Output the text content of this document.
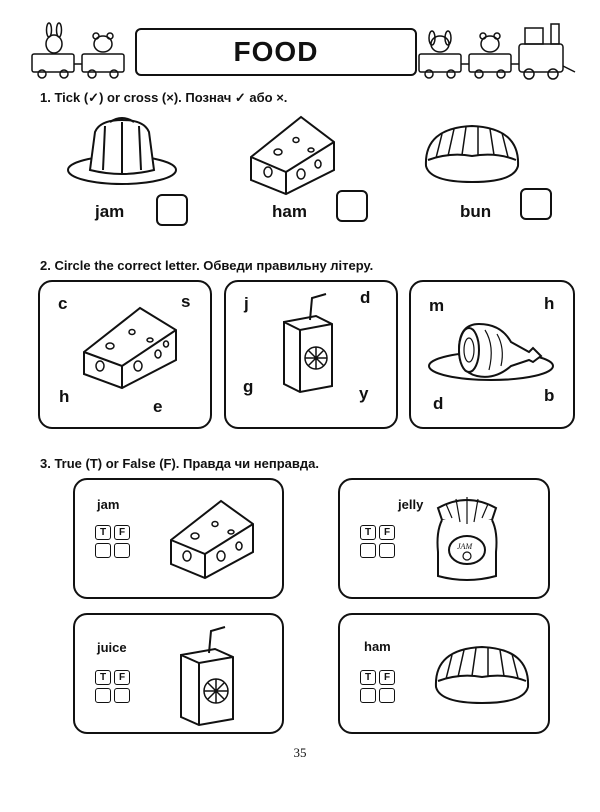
FOOD
1. Tick (✓) or cross (×). Познач ✓ або ×.
jam	ham	bun
2. Circle the correct letter. Обведи правильну літеру.
c	s
h
e
j	d
g	y
m	h
d	b
3. True (T) or False (F). Правда чи неправда.
jam
T	F
jelly
T	F
JAM
juice
T	F
ham
T	F
35
